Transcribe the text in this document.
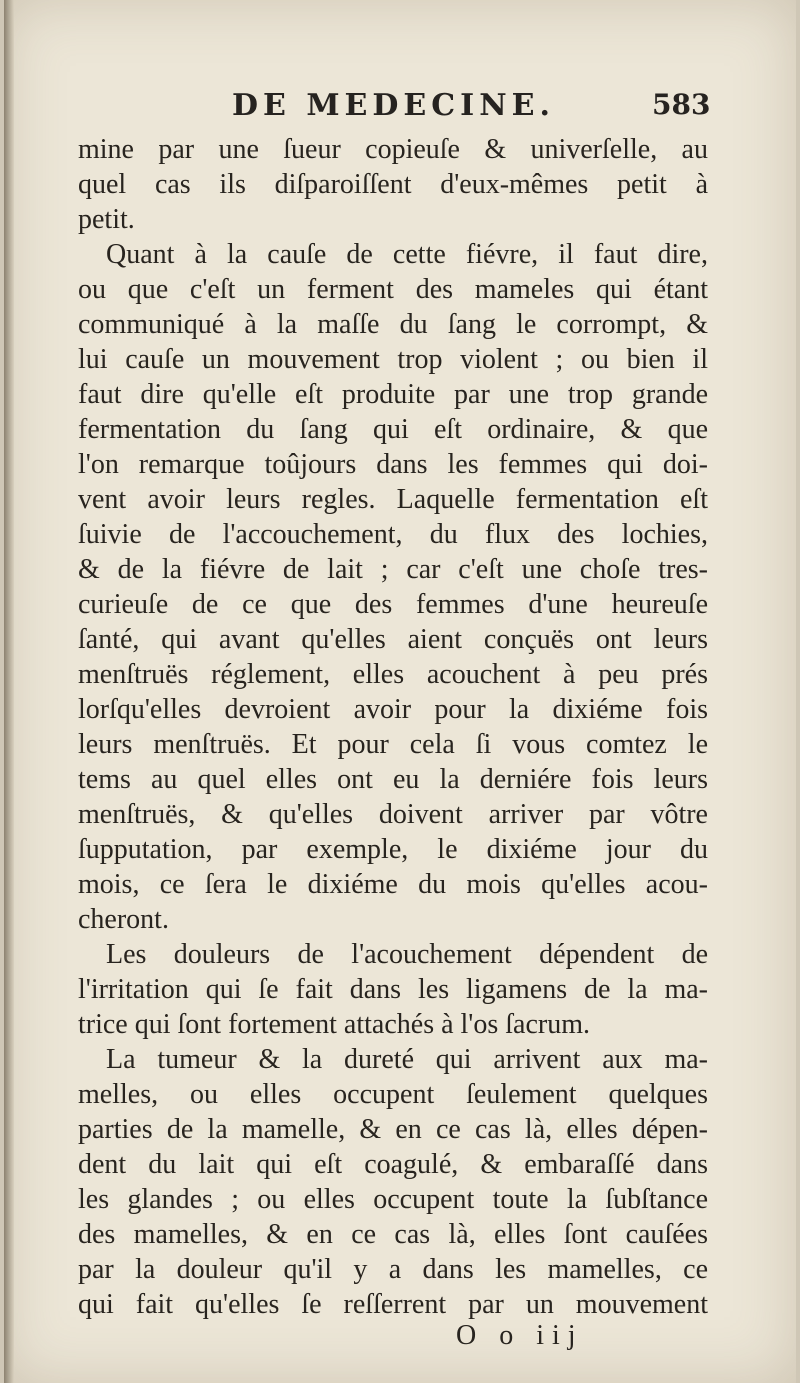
DE MEDECINE.	583
mine par une ſueur copieuſe & univerſelle, au
quel cas ils diſparoiſſent d'eux-mêmes petit à
petit.
Quant à la cauſe de cette fiévre, il faut dire,
ou que c'eſt un ferment des mameles qui étant
communiqué à la maſſe du ſang le corrompt, &
lui cauſe un mouvement trop violent ; ou bien il
faut dire qu'elle eſt produite par une trop grande
fermentation du ſang qui eſt ordinaire, & que
l'on remarque toûjours dans les femmes qui doi-
vent avoir leurs regles. Laquelle fermentation eſt
ſuivie de l'accouchement, du flux des lochies,
& de la fiévre de lait ; car c'eſt une choſe tres-
curieuſe de ce que des femmes d'une heureuſe
ſanté, qui avant qu'elles aient conçuës ont leurs
menſtruës réglement, elles acouchent à peu prés
lorſqu'elles devroient avoir pour la dixiéme fois
leurs menſtruës. Et pour cela ſi vous comtez le
tems au quel elles ont eu la derniére fois leurs
menſtruës, & qu'elles doivent arriver par vôtre
ſupputation, par exemple, le dixiéme jour du
mois, ce ſera le dixiéme du mois qu'elles acou-
cheront.
Les douleurs de l'acouchement dépendent de
l'irritation qui ſe fait dans les ligamens de la ma-
trice qui ſont fortement attachés à l'os ſacrum.
La tumeur & la dureté qui arrivent aux ma-
melles, ou elles occupent ſeulement quelques
parties de la mamelle, & en ce cas là, elles dépen-
dent du lait qui eſt coagulé, & embaraſſé dans
les glandes ; ou elles occupent toute la ſubſtance
des mamelles, & en ce cas là, elles ſont cauſées
par la douleur qu'il y a dans les mamelles, ce
qui fait qu'elles ſe reſſerrent par un mouvement
O o iij
